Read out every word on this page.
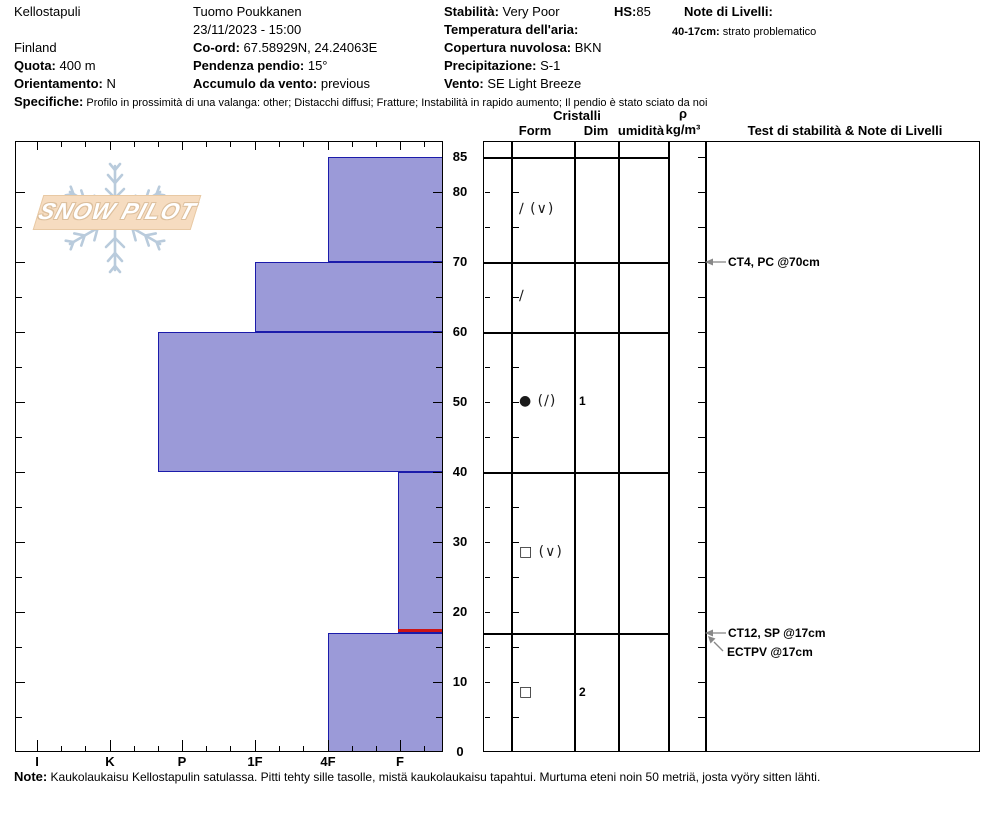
Kellostapuli
Finland
Quota: 400 m
Orientamento: N
Tuomo Poukkanen
23/11/2023 - 15:00
Co-ord: 67.58929N, 24.24063E
Pendenza pendio: 15°
Accumulo da vento: previous
Stabilità: Very Poor
Temperatura dell'aria:
Copertura nuvolosa: BKN
Precipitazione: S-1
Vento: SE Light Breeze
HS:85	Note di Livelli:
40-17cm: strato problematico
Specifiche: Profilo in prossimità di una valanga: other; Distacchi diffusi; Fratture; Instabilità in rapido aumento; Il pendio è stato sciato da noi
SNOW PILOT
Cristalli
Form	Dim umidità
ρ
kg/m³	Test di stabilità & Note di Livelli
85
80
70
60
50
40
30
20
10
0
I	K	P	1F	4F	F
∕ (∨)
∕
● (∕) 1
□ (∨)
□	2
CT4, PC @70cm
CT12, SP @17cm
ECTPV @17cm
Note: Kaukolaukaisu Kellostapulin satulassa. Pitti tehty sille tasolle, mistä kaukolaukaisu tapahtui. Murtuma eteni noin 50 metriä, josta vyöry sitten lähti.
